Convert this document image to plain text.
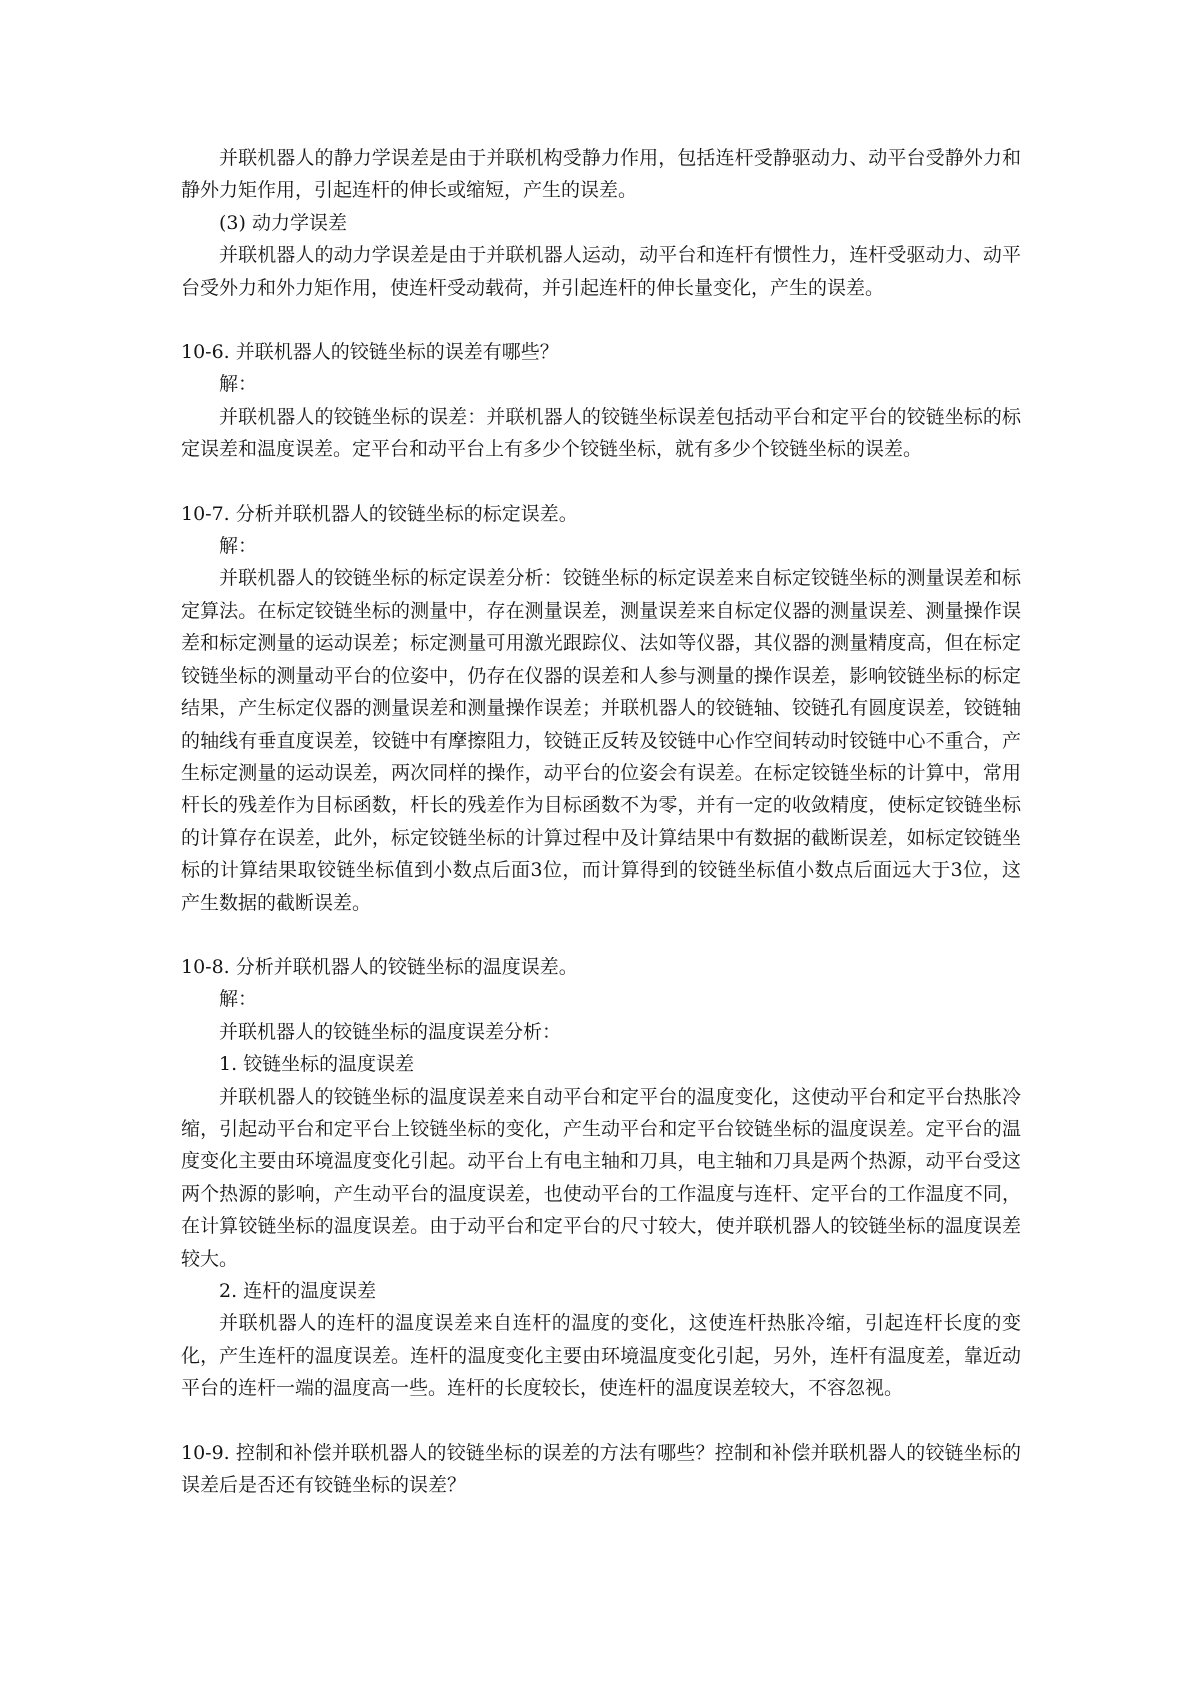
并联机器人的静力学误差是由于并联机构受静力作用，包括连杆受静驱动力、动平台受静外力和静外力矩作用，引起连杆的伸长或缩短，产生的误差。

(3) 动力学误差

并联机器人的动力学误差是由于并联机器人运动，动平台和连杆有惯性力，连杆受驱动力、动平台受外力和外力矩作用，使连杆受动载荷，并引起连杆的伸长量变化，产生的误差。

10-6. 并联机器人的铰链坐标的误差有哪些？

解：

并联机器人的铰链坐标的误差：并联机器人的铰链坐标误差包括动平台和定平台的铰链坐标的标定误差和温度误差。定平台和动平台上有多少个铰链坐标，就有多少个铰链坐标的误差。

10-7. 分析并联机器人的铰链坐标的标定误差。

解：

并联机器人的铰链坐标的标定误差分析：铰链坐标的标定误差来自标定铰链坐标的测量误差和标定算法。在标定铰链坐标的测量中，存在测量误差，测量误差来自标定仪器的测量误差、测量操作误差和标定测量的运动误差；标定测量可用激光跟踪仪、法如等仪器，其仪器的测量精度高，但在标定铰链坐标的测量动平台的位姿中，仍存在仪器的误差和人参与测量的操作误差，影响铰链坐标的标定结果，产生标定仪器的测量误差和测量操作误差；并联机器人的铰链轴、铰链孔有圆度误差，铰链轴的轴线有垂直度误差，铰链中有摩擦阻力，铰链正反转及铰链中心作空间转动时铰链中心不重合，产生标定测量的运动误差，两次同样的操作，动平台的位姿会有误差。在标定铰链坐标的计算中，常用杆长的残差作为目标函数，杆长的残差作为目标函数不为零，并有一定的收敛精度，使标定铰链坐标的计算存在误差，此外，标定铰链坐标的计算过程中及计算结果中有数据的截断误差，如标定铰链坐标的计算结果取铰链坐标值到小数点后面3位，而计算得到的铰链坐标值小数点后面远大于3位，这产生数据的截断误差。

10-8. 分析并联机器人的铰链坐标的温度误差。

解：

并联机器人的铰链坐标的温度误差分析：

1. 铰链坐标的温度误差

并联机器人的铰链坐标的温度误差来自动平台和定平台的温度变化，这使动平台和定平台热胀冷缩，引起动平台和定平台上铰链坐标的变化，产生动平台和定平台铰链坐标的温度误差。定平台的温度变化主要由环境温度变化引起。动平台上有电主轴和刀具，电主轴和刀具是两个热源，动平台受这两个热源的影响，产生动平台的温度误差，也使动平台的工作温度与连杆、定平台的工作温度不同，在计算铰链坐标的温度误差。由于动平台和定平台的尺寸较大，使并联机器人的铰链坐标的温度误差较大。

2. 连杆的温度误差

并联机器人的连杆的温度误差来自连杆的温度的变化，这使连杆热胀冷缩，引起连杆长度的变化，产生连杆的温度误差。连杆的温度变化主要由环境温度变化引起，另外，连杆有温度差，靠近动平台的连杆一端的温度高一些。连杆的长度较长，使连杆的温度误差较大，不容忽视。

10-9. 控制和补偿并联机器人的铰链坐标的误差的方法有哪些？控制和补偿并联机器人的铰链坐标的误差后是否还有铰链坐标的误差？
